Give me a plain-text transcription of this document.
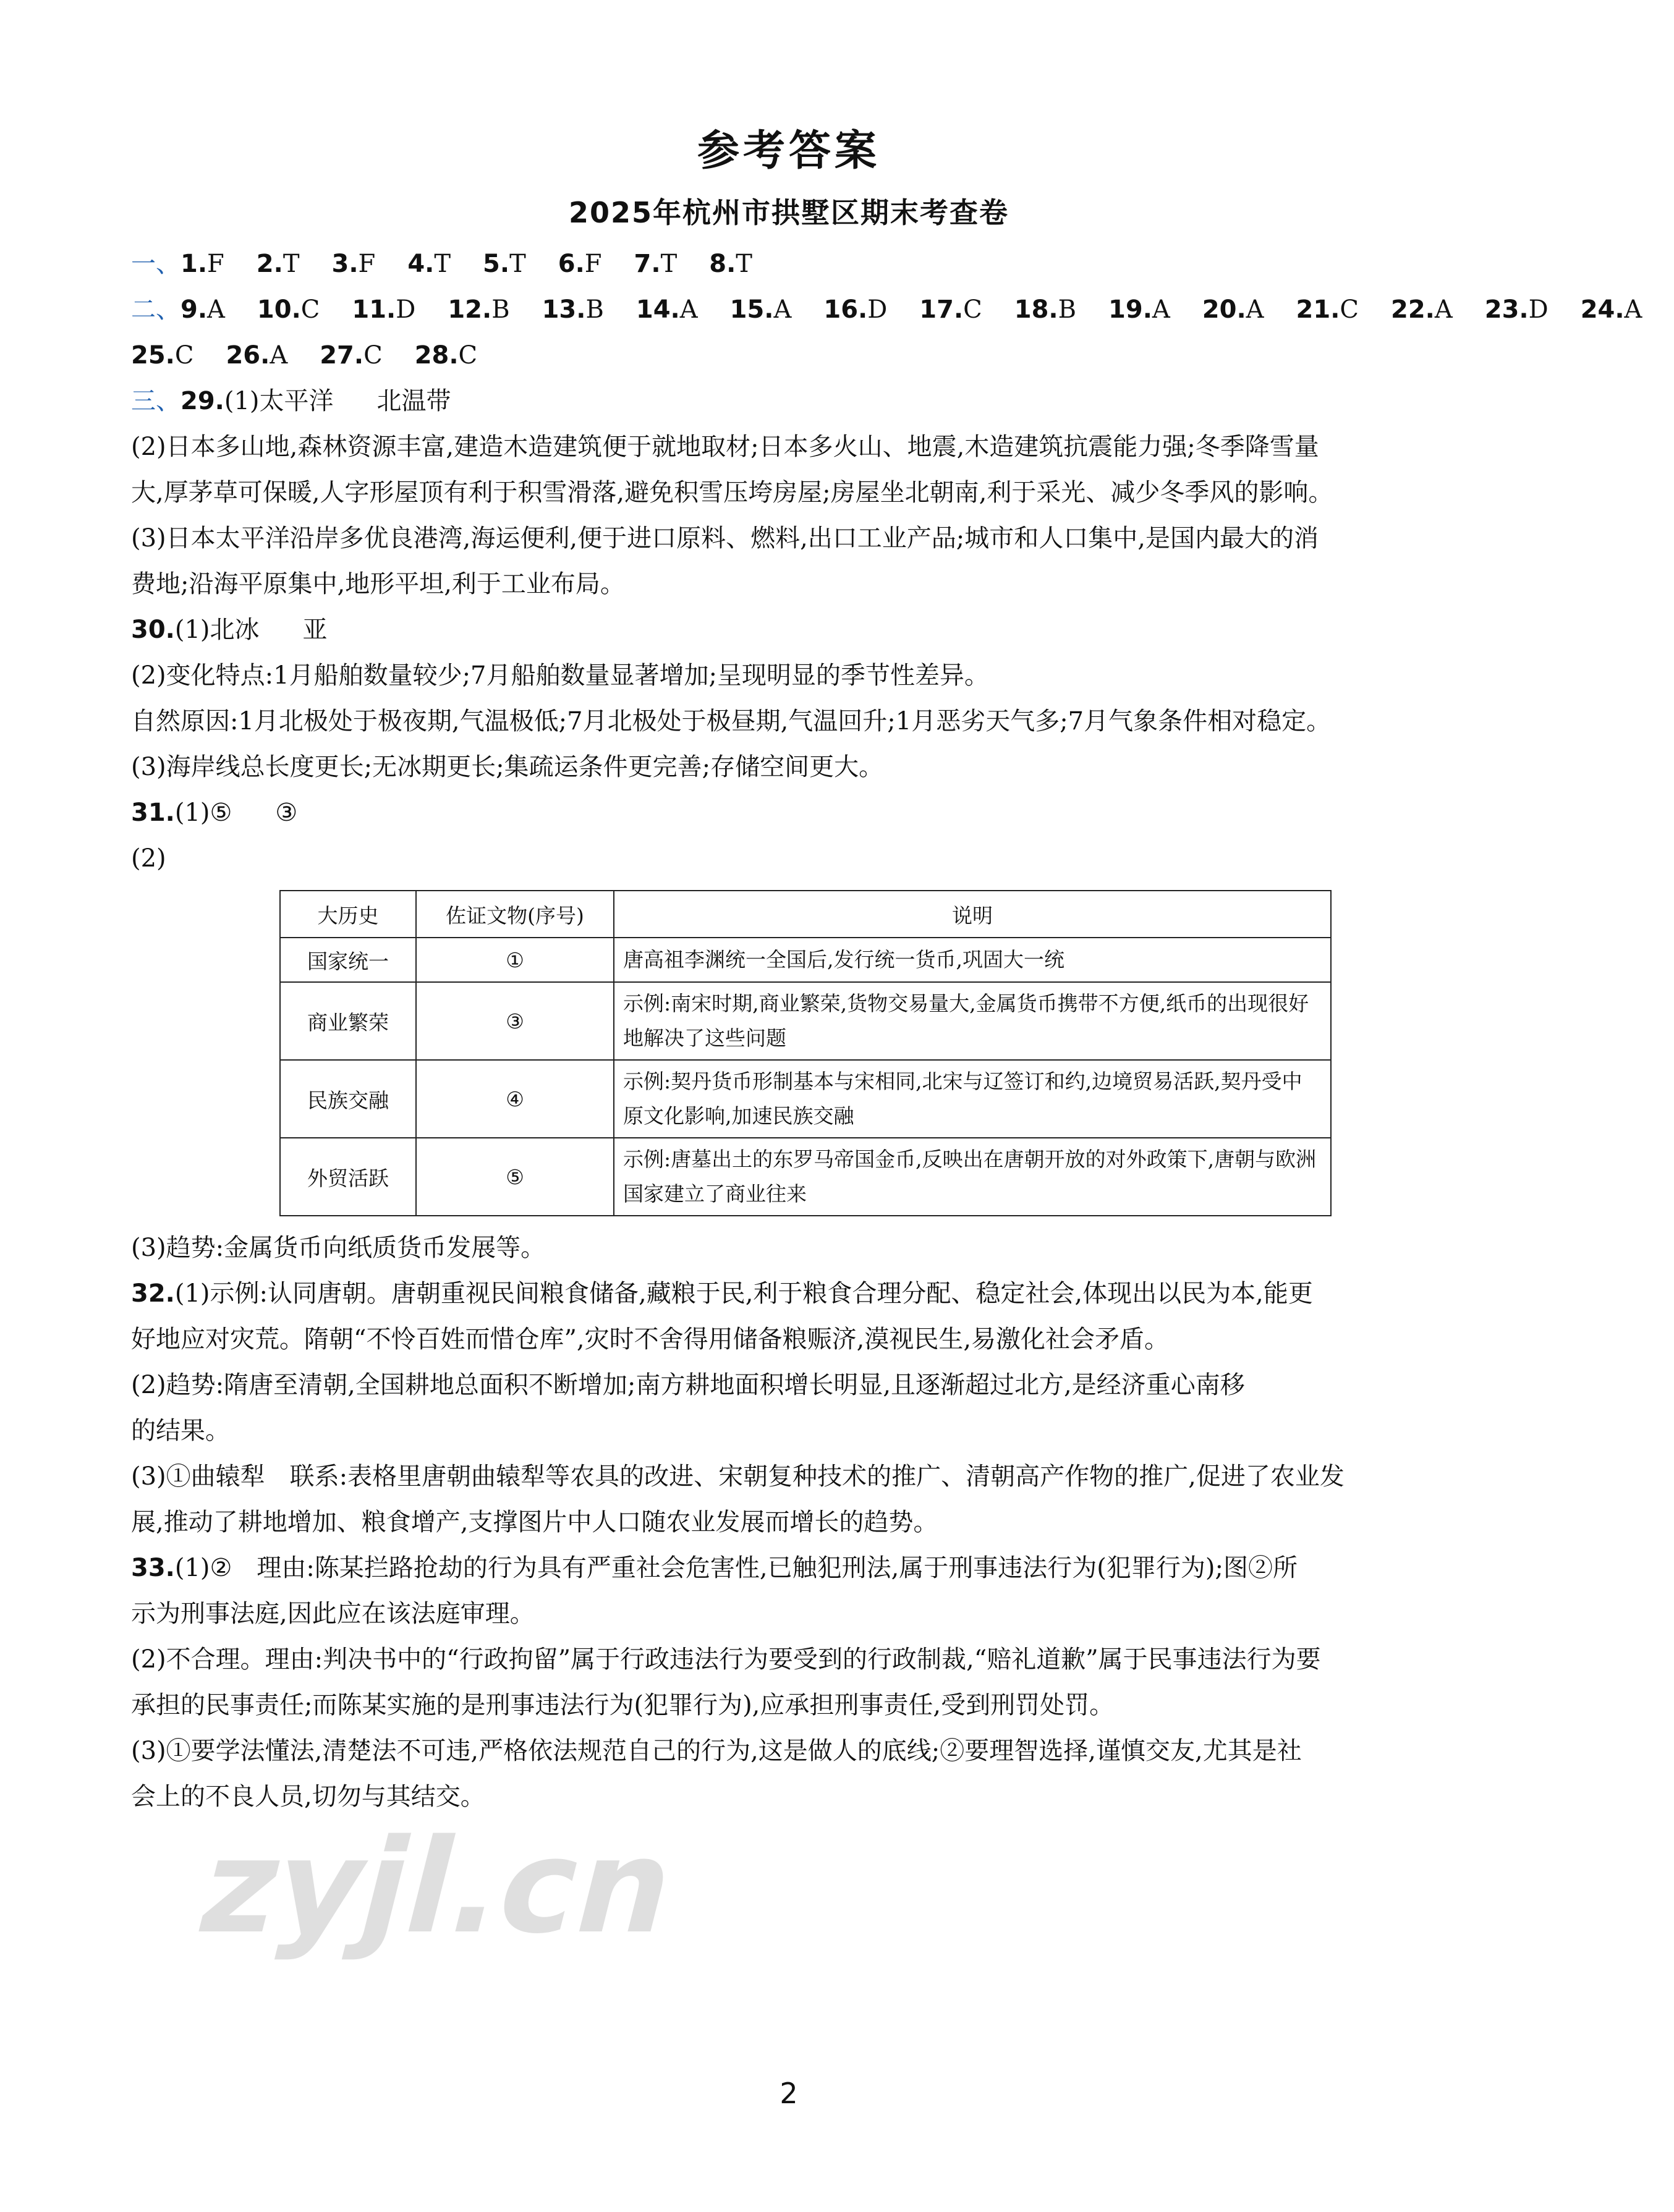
参考答案
2025年杭州市拱墅区期末考查卷
一、1.F 2.T 3.F 4.T 5.T 6.F 7.T 8.T
二、9.A 10.C 11.D 12.B 13.B 14.A 15.A 16.D 17.C 18.B 19.A 20.A 21.C 22.A 23.D 24.A
25.C 26.A 27.C 28.C
三、29.(1)太平洋 北温带
(2)日本多山地,森林资源丰富,建造木造建筑便于就地取材;日本多火山、地震,木造建筑抗震能力强;冬季降雪量
大,厚茅草可保暖,人字形屋顶有利于积雪滑落,避免积雪压垮房屋;房屋坐北朝南,利于采光、减少冬季风的影响。
(3)日本太平洋沿岸多优良港湾,海运便利,便于进口原料、燃料,出口工业产品;城市和人口集中,是国内最大的消
费地;沿海平原集中,地形平坦,利于工业布局。
30.(1)北冰 亚
(2)变化特点:1月船舶数量较少;7月船舶数量显著增加;呈现明显的季节性差异。
自然原因:1月北极处于极夜期,气温极低;7月北极处于极昼期,气温回升;1月恶劣天气多;7月气象条件相对稳定。
(3)海岸线总长度更长;无冰期更长;集疏运条件更完善;存储空间更大。
31.(1)⑤ ③
(2)
大历史	佐证文物(序号)	说明
国家统一	①	唐高祖李渊统一全国后,发行统一货币,巩固大一统
商业繁荣	③	示例:南宋时期,商业繁荣,货物交易量大,金属货币携带不方便,纸币的出现很好地解决了这些问题
民族交融	④	示例:契丹货币形制基本与宋相同,北宋与辽签订和约,边境贸易活跃,契丹受中原文化影响,加速民族交融
外贸活跃	⑤	示例:唐墓出土的东罗马帝国金币,反映出在唐朝开放的对外政策下,唐朝与欧洲国家建立了商业往来
(3)趋势:金属货币向纸质货币发展等。
32.(1)示例:认同唐朝。唐朝重视民间粮食储备,藏粮于民,利于粮食合理分配、稳定社会,体现出以民为本,能更
好地应对灾荒。隋朝“不怜百姓而惜仓库”,灾时不舍得用储备粮赈济,漠视民生,易激化社会矛盾。
(2)趋势:隋唐至清朝,全国耕地总面积不断增加;南方耕地面积增长明显,且逐渐超过北方,是经济重心南移
的结果。
(3)①曲辕犁 联系:表格里唐朝曲辕犁等农具的改进、宋朝复种技术的推广、清朝高产作物的推广,促进了农业发
展,推动了耕地增加、粮食增产,支撑图片中人口随农业发展而增长的趋势。
33.(1)② 理由:陈某拦路抢劫的行为具有严重社会危害性,已触犯刑法,属于刑事违法行为(犯罪行为);图②所
示为刑事法庭,因此应在该法庭审理。
(2)不合理。理由:判决书中的“行政拘留”属于行政违法行为要受到的行政制裁,“赔礼道歉”属于民事违法行为要
承担的民事责任;而陈某实施的是刑事违法行为(犯罪行为),应承担刑事责任,受到刑罚处罚。
(3)①要学法懂法,清楚法不可违,严格依法规范自己的行为,这是做人的底线;②要理智选择,谨慎交友,尤其是社
会上的不良人员,切勿与其结交。
zyjl.cn
2
